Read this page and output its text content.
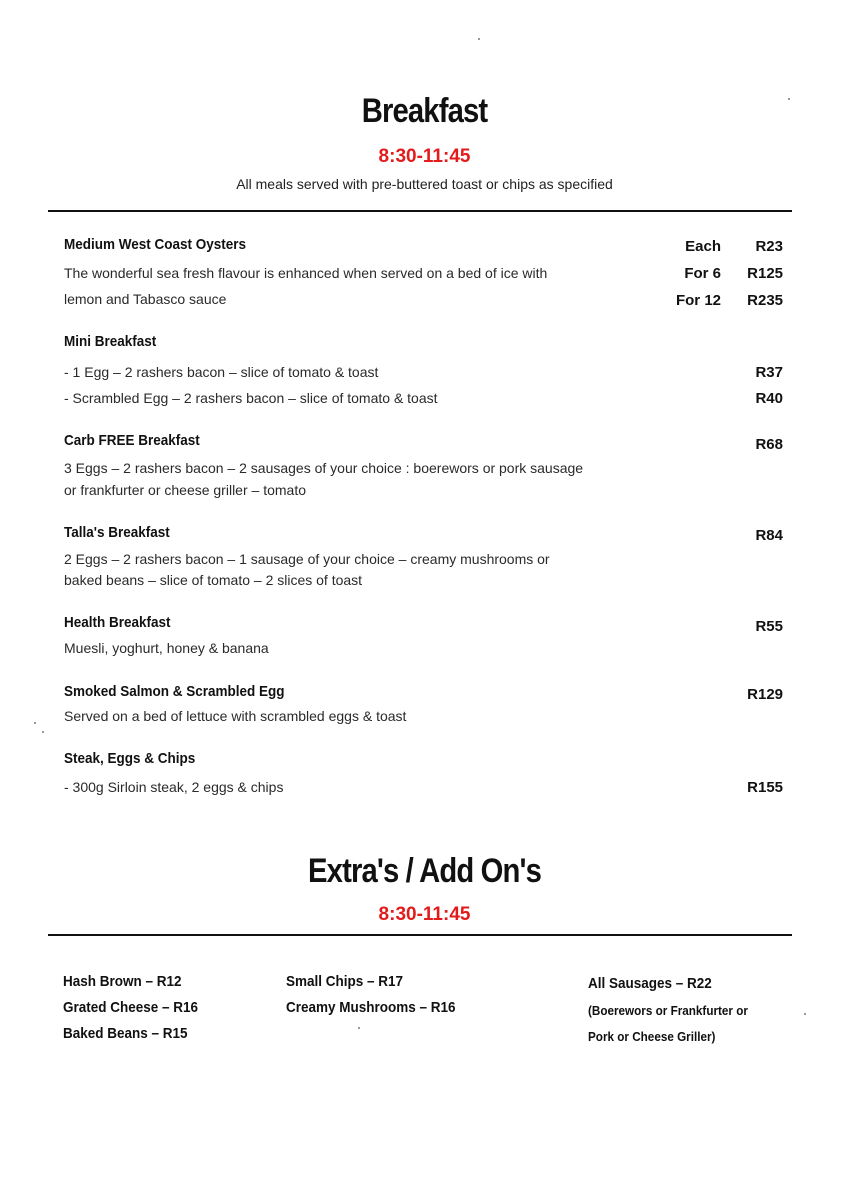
Breakfast
8:30-11:45
All meals served with pre-buttered toast or chips as specified
Medium West Coast Oysters
The wonderful sea fresh flavour is enhanced when served on a bed of ice with
lemon and Tabasco sauce
Each R23
For 6 R125
For 12 R235
Mini Breakfast
- 1 Egg – 2 rashers bacon – slice of tomato & toast	R37
- Scrambled Egg – 2 rashers bacon – slice of tomato & toast	R40
Carb FREE Breakfast	R68
3 Eggs – 2 rashers bacon – 2 sausages of your choice : boerewors or pork sausage
or frankfurter or cheese griller – tomato
Talla's Breakfast	R84
2 Eggs – 2 rashers bacon – 1 sausage of your choice – creamy mushrooms or
baked beans – slice of tomato – 2 slices of toast
Health Breakfast	R55
Muesli, yoghurt, honey & banana
Smoked Salmon & Scrambled Egg	R129
Served on a bed of lettuce with scrambled eggs & toast
Steak, Eggs & Chips
- 300g Sirloin steak, 2 eggs & chips	R155
Extra's / Add On's
8:30-11:45
Hash Brown – R12
Grated Cheese – R16
Baked Beans – R15
Small Chips – R17
Creamy Mushrooms – R16
All Sausages – R22
(Boerewors or Frankfurter or
Pork or Cheese Griller)
